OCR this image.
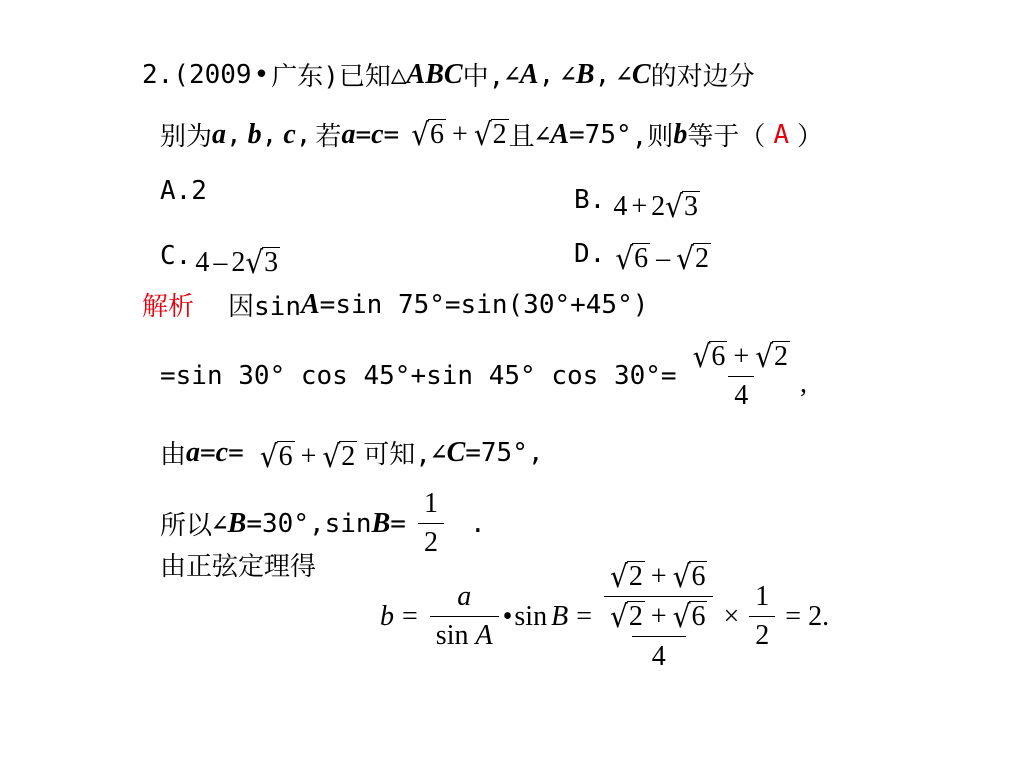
2.(2009 • 广东)已知 △ ABC 中, ∠ A , ∠ B , ∠ C 的对边分
别为 a , b , c , 若 a = c = √ 6 + √ 2 且 ∠ A =75° ,则 b 等于（ A ）
A.2	B. 4 + 2 √ 3
C. 4 – 2 √ 3	D. √ 6 – √ 2
解析 因sin A =sin 75°=sin(30°+45°)
=sin 30° cos 45°+sin 45° $\cos 30^\circ= \frac{√ 6 + √ 2}{4}$ ,
由 a = c = √ 6 + √ 2 可知, ∠ C =75°,
所以 ∠ B =30°,sin $B = \frac{1}{2}$ .
由正弦定理得
$b = \frac{a}{\text{sin A}}$ • $\sin B = \frac{√ 2 + √ 6}{\frac{√ 2 + √ 6}{4}} \times \frac{1}{2} = 2$ .
